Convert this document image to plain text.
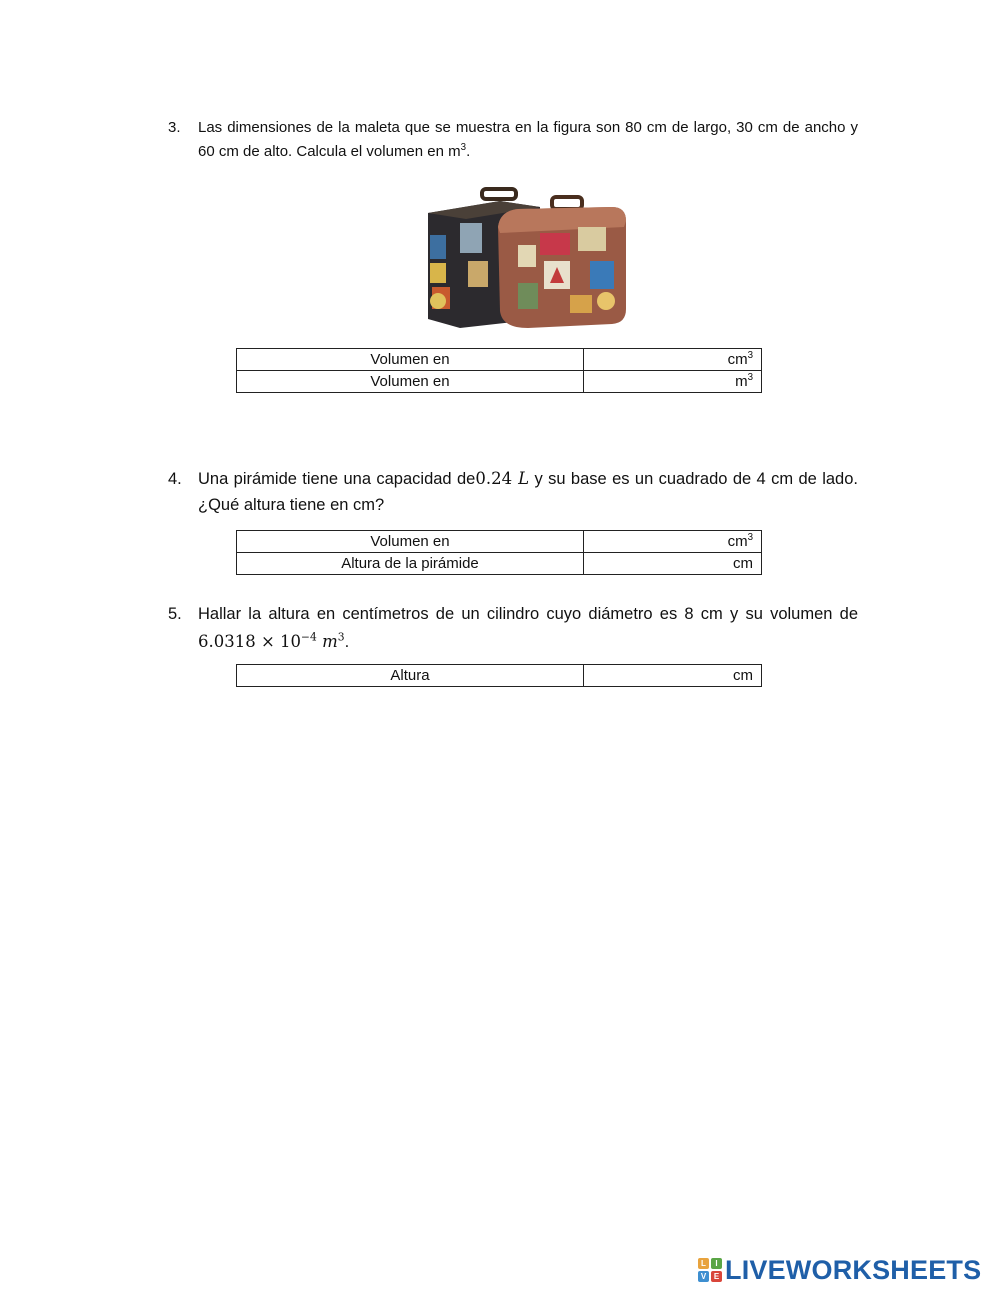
3. Las dimensiones de la maleta que se muestra en la figura son 80 cm de largo, 30 cm de ancho y 60 cm de alto. Calcula el volumen en $m^3$.
Volumen en	$cm^3$
Volumen en	$m^3$
4. Una pirámide tiene una capacidad de0.24 L y su base es un cuadrado de 4 cm de lado. ¿Qué altura tiene en cm?
Volumen en	$cm^3$
Altura de la pirámide	cm
5. Hallar la altura en centímetros de un cilindro cuyo diámetro es 8 cm y su volumen de $6.0318 \times 10^{-4}$ $m^3$.
Altura	cm
L	I
V E LIVEWORKSHEETS
